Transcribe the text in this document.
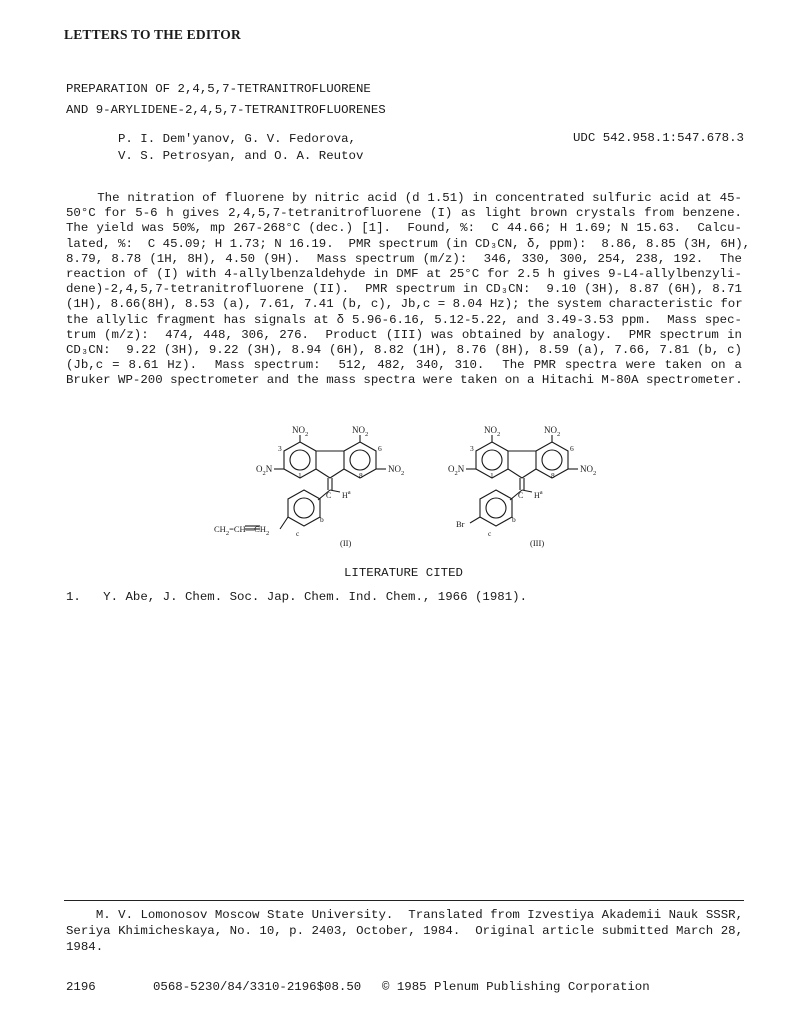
LETTERS TO THE EDITOR
PREPARATION OF 2,4,5,7-TETRANITROFLUORENE
AND 9-ARYLIDENE-2,4,5,7-TETRANITROFLUORENES
P. I. Dem'yanov, G. V. Fedorova,
V. S. Petrosyan, and O. A. Reutov
UDC 542.958.1:547.678.3
The nitration of fluorene by nitric acid (d 1.51) in concentrated sulfuric acid at 45-
50°C for 5-6 h gives 2,4,5,7-tetranitrofluorene (I) as light brown crystals from benzene.
The yield was 50%, mp 267-268°C (dec.) [1].  Found, %:  C 44.66; H 1.69; N 15.63.  Calcu-
lated, %:  C 45.09; H 1.73; N 16.19.  PMR spectrum (in CD₃CN, δ, ppm):  8.86, 8.85 (3H, 6H),
8.79, 8.78 (1H, 8H), 4.50 (9H).  Mass spectrum (m/z):  346, 330, 300, 254, 238, 192.  The
reaction of (I) with 4-allylbenzaldehyde in DMF at 25°C for 2.5 h gives 9-L4-allylbenzyli-
dene)-2,4,5,7-tetranitrofluorene (II).  PMR spectrum in CD₃CN:  9.10 (3H), 8.87 (6H), 8.71
(1H), 8.66(8H), 8.53 (a), 7.61, 7.41 (b, c), Jb,c = 8.04 Hz); the system characteristic for
the allylic fragment has signals at δ 5.96-6.16, 5.12-5.22, and 3.49-3.53 ppm.  Mass spec-
trum (m/z):  474, 448, 306, 276.  Product (III) was obtained by analogy.  PMR spectrum in
CD₃CN:  9.22 (3H), 9.22 (3H), 8.94 (6H), 8.82 (1H), 8.76 (8H), 8.59 (a), 7.66, 7.81 (b, c)
(Jb,c = 8.61 Hz).  Mass spectrum:  512, 482, 340, 310.  The PMR spectra were taken on a
Bruker WP-200 spectrometer and the mass spectra were taken on a Hitachi M-80A spectrometer.
$NO_2$	$NO_2$
$O_2N$	$NO_2$
3	6
1	8
C $H^a$
b
c
$CH_2=CH—CH_2$
(II)
$NO_2$	$NO_2$
$O_2N$	$NO_2$
3	6
1	8
C $H^a$
b
c
Br
(III)
LITERATURE CITED
1.   Y. Abe, J. Chem. Soc. Jap. Chem. Ind. Chem., 1966 (1981).
M. V. Lomonosov Moscow State University.  Translated from Izvestiya Akademii Nauk SSSR,
Seriya Khimicheskaya, No. 10, p. 2403, October, 1984.  Original article submitted March 28,
1984.
2196	0568-5230/84/3310-2196$08.50 © 1985 Plenum Publishing Corporation
